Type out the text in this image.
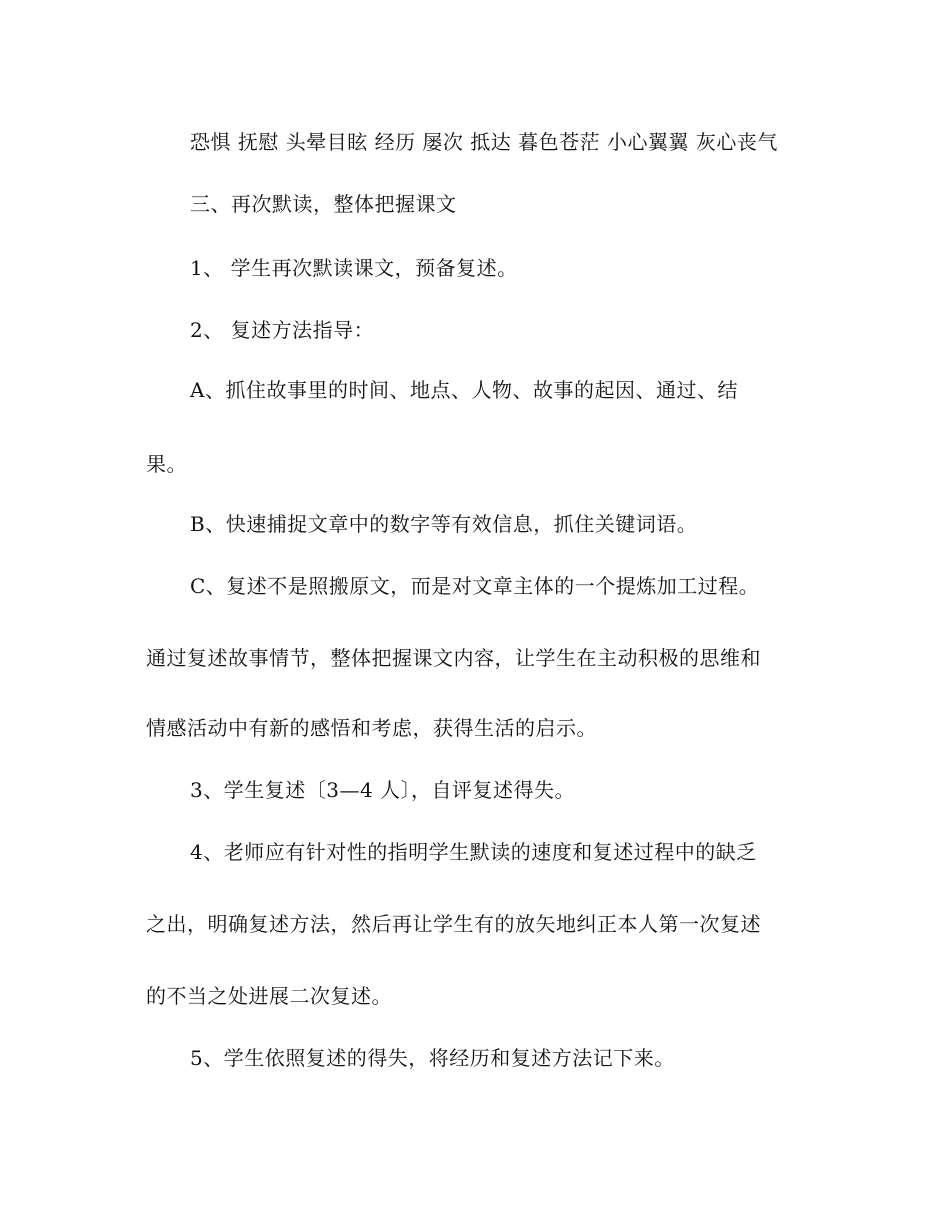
恐惧 抚慰 头晕目眩 经历 屡次 抵达 暮色苍茫 小心翼翼 灰心丧气
三、再次默读，整体把握课文
1、 学生再次默读课文，预备复述。
2、 复述方法指导：
A、抓住故事里的时间、地点、人物、故事的起因、通过、结
果。
B、快速捕捉文章中的数字等有效信息，抓住关键词语。
C、复述不是照搬原文，而是对文章主体的一个提炼加工过程。
通过复述故事情节，整体把握课文内容，让学生在主动积极的思维和
情感活动中有新的感悟和考虑，获得生活的启示。
3、学生复述〔3—4 人〕，自评复述得失。
4、老师应有针对性的指明学生默读的速度和复述过程中的缺乏
之出，明确复述方法，然后再让学生有的放矢地纠正本人第一次复述
的不当之处进展二次复述。
5、学生依照复述的得失，将经历和复述方法记下来。
